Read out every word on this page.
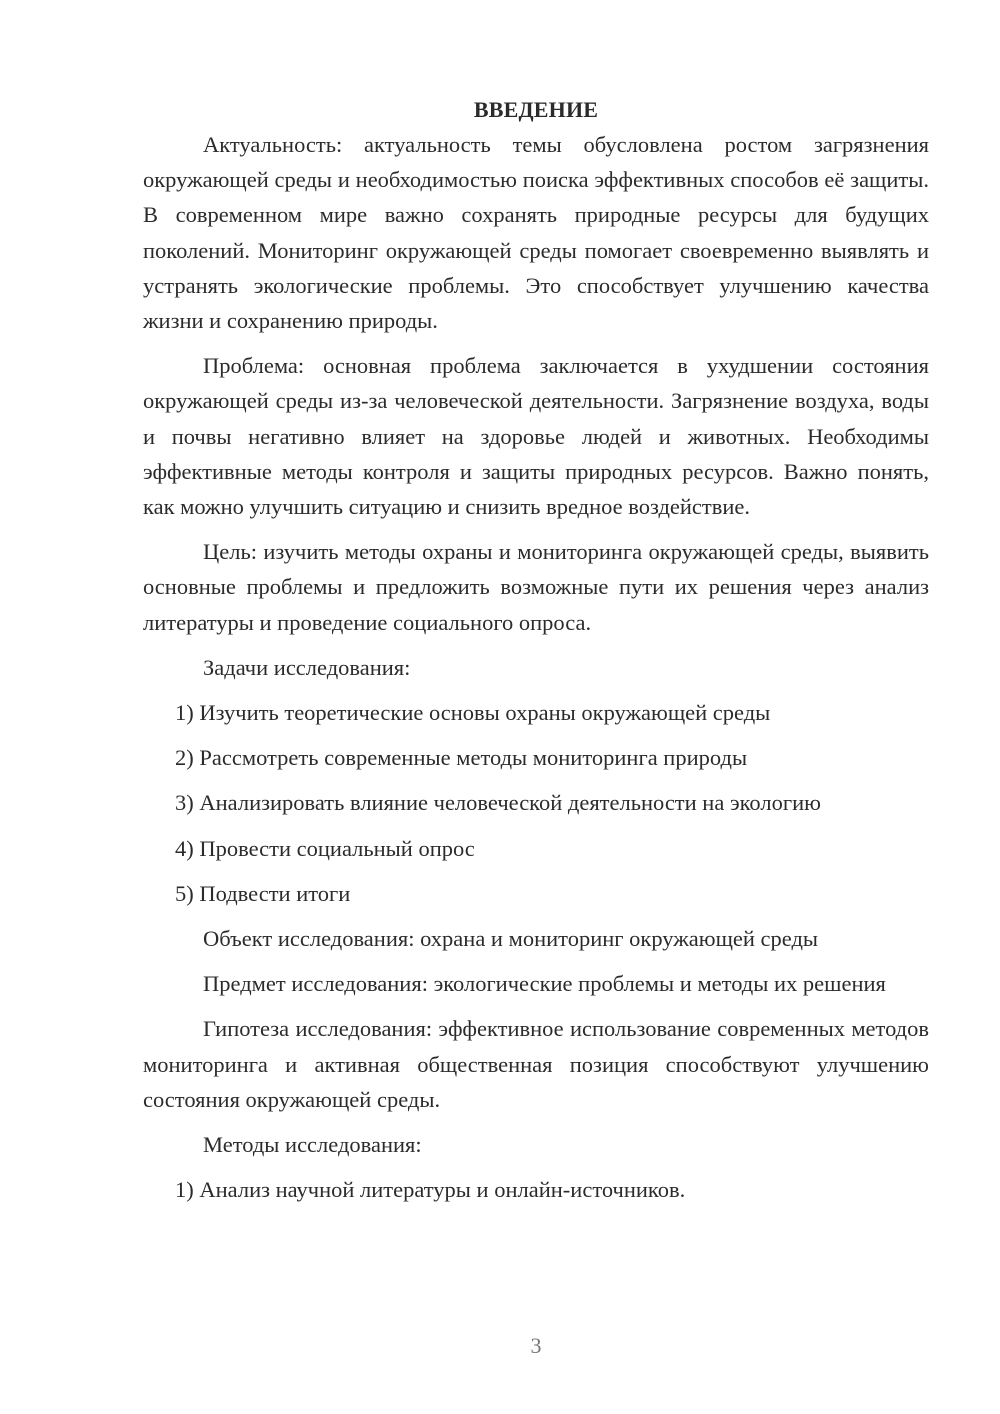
ВВЕДЕНИЕ

Актуальность: актуальность темы обусловлена ростом загрязнения окружающей среды и необходимостью поиска эффективных способов её защиты. В современном мире важно сохранять природные ресурсы для будущих поколений. Мониторинг окружающей среды помогает своевременно выявлять и устранять экологические проблемы. Это способствует улучшению качества жизни и сохранению природы.

Проблема: основная проблема заключается в ухудшении состояния окружающей среды из-за человеческой деятельности. Загрязнение воздуха, воды и почвы негативно влияет на здоровье людей и животных. Необходимы эффективные методы контроля и защиты природных ресурсов. Важно понять, как можно улучшить ситуацию и снизить вредное воздействие.

Цель: изучить методы охраны и мониторинга окружающей среды, выявить основные проблемы и предложить возможные пути их решения через анализ литературы и проведение социального опроса.

Задачи исследования:

1) Изучить теоретические основы охраны окружающей среды

2) Рассмотреть современные методы мониторинга природы

3) Анализировать влияние человеческой деятельности на экологию

4) Провести социальный опрос

5) Подвести итоги

Объект исследования: охрана и мониторинг окружающей среды

Предмет исследования: экологические проблемы и методы их решения

Гипотеза исследования: эффективное использование современных методов мониторинга и активная общественная позиция способствуют улучшению состояния окружающей среды.

Методы исследования:

1) Анализ научной литературы и онлайн-источников.

3
